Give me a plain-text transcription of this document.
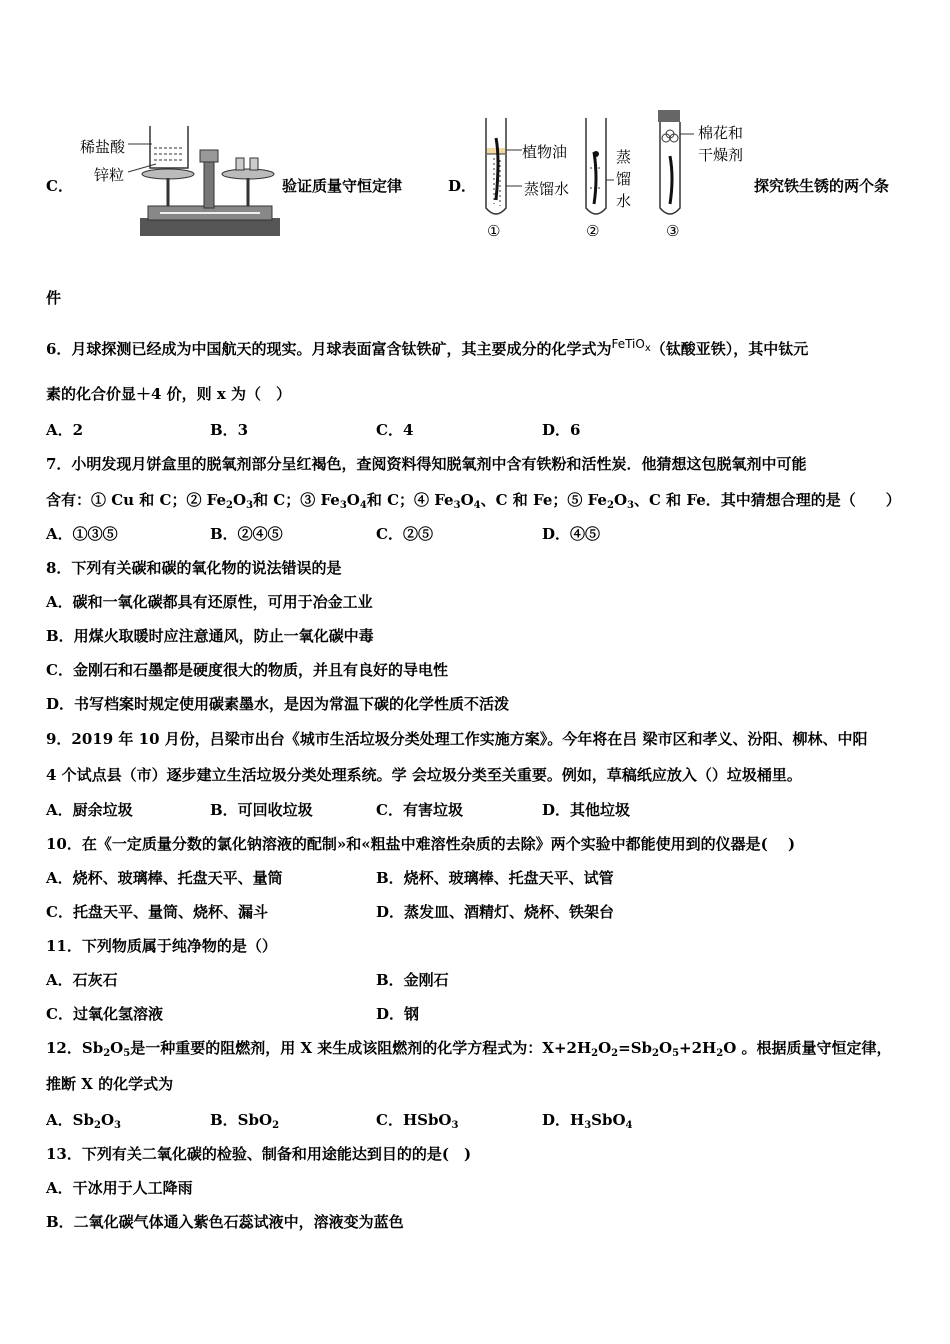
C．
稀盐酸
锌粒
验证质量守恒定律	D．
植物油
蒸馏水
蒸
馏
水
棉花和
干燥剂
①	②	③
探究铁生锈的两个条
件
6．月球探测已经成为中国航天的现实。月球表面富含钛铁矿，其主要成分的化学式为$^{FeTiO_x}$（钛酸亚铁），其中钛元
素的化合价显＋4 价，则 x 为（　）
A．2	B．3	C．4	D．6
7．小明发现月饼盒里的脱氧剂部分呈红褐色，查阅资料得知脱氧剂中含有铁粉和活性炭．他猜想这包脱氧剂中可能
含有：① Cu 和 C；② $Fe_2O_3$和 C；③ $Fe_3O_4$和 C；④ $Fe_3O_4$、C 和 Fe；⑤ $Fe_2O_3$、C 和 Fe．其中猜想合理的是（　　）
A．①③⑤	B．②④⑤	C．②⑤	D．④⑤
8．下列有关碳和碳的氧化物的说法错误的是
A．碳和一氧化碳都具有还原性，可用于冶金工业
B．用煤火取暖时应注意通风，防止一氧化碳中毒
C．金刚石和石墨都是硬度很大的物质，并且有良好的导电性
D．书写档案时规定使用碳素墨水，是因为常温下碳的化学性质不活泼
9．2019 年 10 月份，吕梁市出台《城市生活垃圾分类处理工作实施方案》。今年将在吕 梁市区和孝义、汾阳、柳林、中阳
4 个试点县（市）逐步建立生活垃圾分类处理系统。学 会垃圾分类至关重要。例如，草稿纸应放入（）垃圾桶里。
A．厨余垃圾	B．可回收垃圾	C．有害垃圾	D．其他垃圾
10．在《一定质量分数的氯化钠溶液的配制»和«粗盐中难溶性杂质的去除》两个实验中都能使用到的仪器是(　 )
A．烧杯、玻璃棒、托盘天平、量筒	B．烧杯、玻璃棒、托盘天平、试管
C．托盘天平、量筒、烧杯、漏斗	D．蒸发皿、酒精灯、烧杯、铁架台
11．下列物质属于纯净物的是（）
A．石灰石	B．金刚石
C．过氧化氢溶液	D．钢
12．$Sb_2O_5$是一种重要的阻燃剂，用 X 来生成该阻燃剂的化学方程式为：$X+2H_2O_2=Sb_2O_5+2H_2O$ 。根据质量守恒定律，
推断 X 的化学式为
A．$Sb_2O_3$	B．SbO$_2$	C．HSbO$_3$	D．$H_3SbO_4$
13．下列有关二氧化碳的检验、制备和用途能达到目的的是(　)
A．干冰用于人工降雨
B．二氧化碳气体通入紫色石蕊试液中，溶液变为蓝色
